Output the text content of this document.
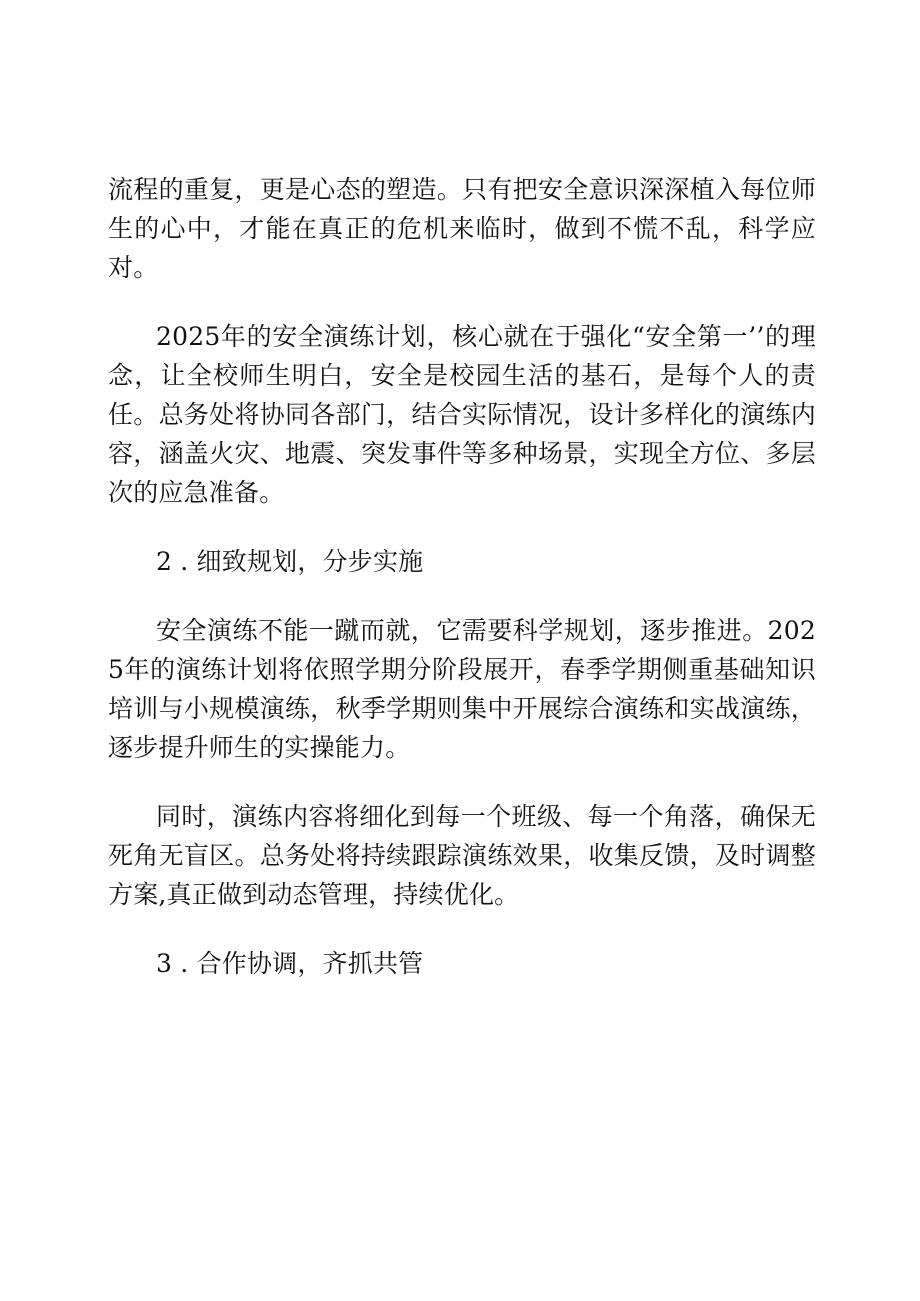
流程的重复，更是心态的塑造。只有把安全意识深深植入每位师生的心中，才能在真正的危机来临时，做到不慌不乱，科学应对。

2025年的安全演练计划，核心就在于强化“安全第一’’的理念，让全校师生明白，安全是校园生活的基石，是每个人的责任。总务处将协同各部门，结合实际情况，设计多样化的演练内容，涵盖火灾、地震、突发事件等多种场景，实现全方位、多层次的应急准备。

2 . 细致规划，分步实施

安全演练不能一蹴而就，它需要科学规划，逐步推进。2025年的演练计划将依照学期分阶段展开，春季学期侧重基础知识培训与小规模演练，秋季学期则集中开展综合演练和实战演练，逐步提升师生的实操能力。

同时，演练内容将细化到每一个班级、每一个角落，确保无死角无盲区。总务处将持续跟踪演练效果，收集反馈，及时调整方案,真正做到动态管理，持续优化。

3 . 合作协调，齐抓共管
